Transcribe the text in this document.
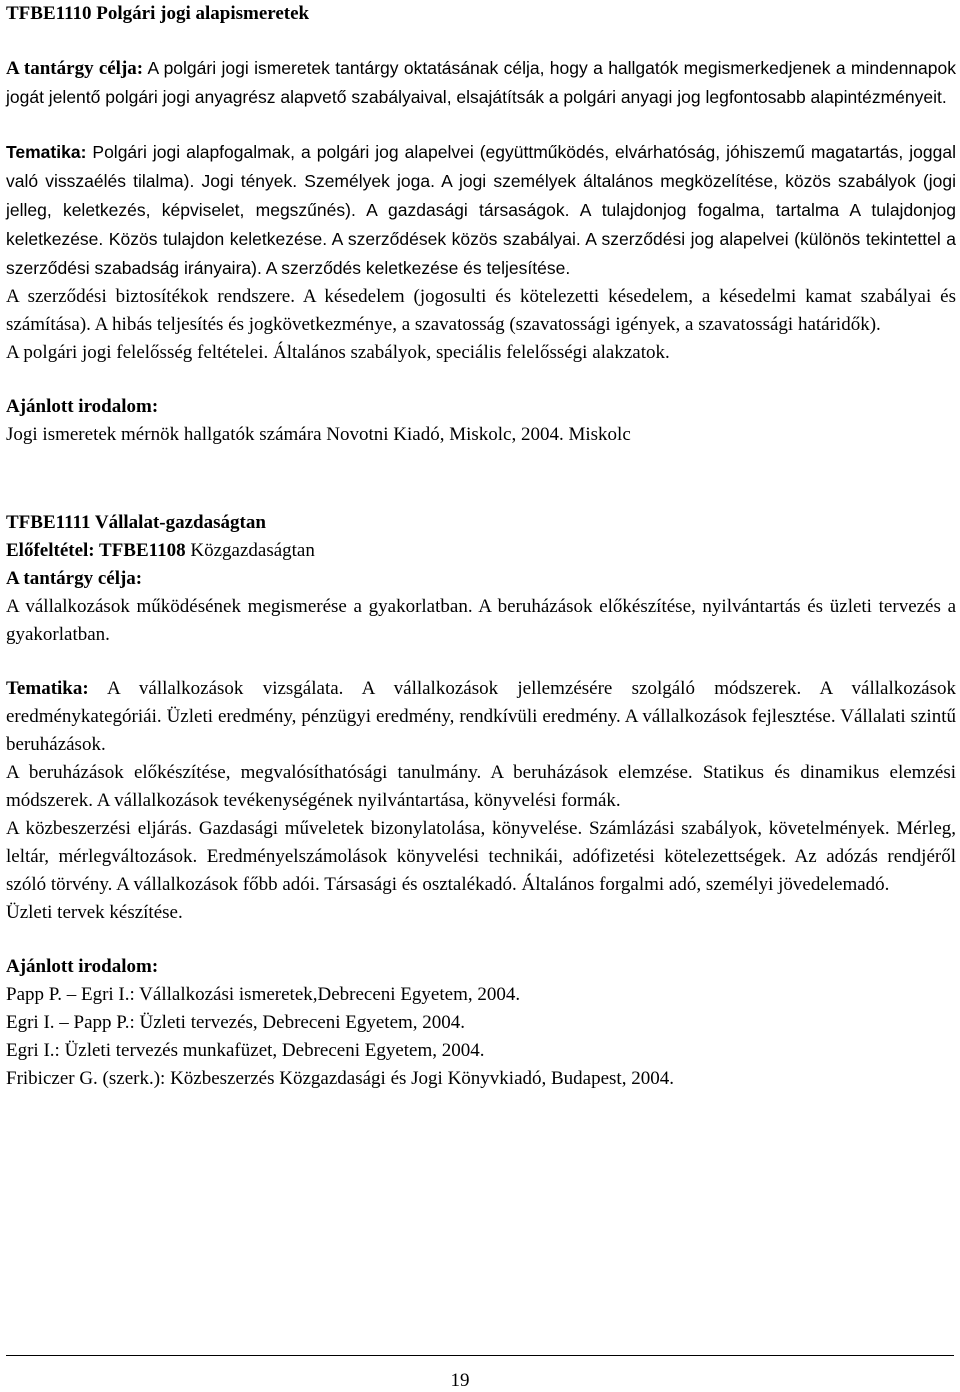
TFBE1110 Polgári jogi alapismeretek

A tantárgy célja: A polgári jogi ismeretek tantárgy oktatásának célja, hogy a hallgatók megismerkedjenek a mindennapok jogát jelentő polgári jogi anyagrész alapvető szabályaival, elsajátítsák a polgári anyagi jog legfontosabb alapintézményeit.

Tematika: Polgári jogi alapfogalmak, a polgári jog alapelvei (együttműködés, elvárhatóság, jóhiszemű magatartás, joggal való visszaélés tilalma). Jogi tények. Személyek joga. A jogi személyek általános megközelítése, közös szabályok (jogi jelleg, keletkezés, képviselet, megszűnés). A gazdasági társaságok. A tulajdonjog fogalma, tartalma A tulajdonjog keletkezése. Közös tulajdon keletkezése. A szerződések közös szabályai. A szerződési jog alapelvei (különös tekintettel a szerződési szabadság irányaira). A szerződés keletkezése és teljesítése.

A szerződési biztosítékok rendszere. A késedelem (jogosulti és kötelezetti késedelem, a késedelmi kamat szabályai és számítása). A hibás teljesítés és jogkövetkezménye, a szavatosság (szavatossági igények, a szavatossági határidők).

A polgári jogi felelősség feltételei. Általános szabályok, speciális felelősségi alakzatok.

Ajánlott irodalom:

Jogi ismeretek mérnök hallgatók számára Novotni Kiadó, Miskolc, 2004. Miskolc

TFBE1111 Vállalat-gazdaságtan

Előfeltétel: TFBE1108 Közgazdaságtan

A tantárgy célja:

A vállalkozások működésének megismerése a gyakorlatban. A beruházások előkészítése, nyilvántartás és üzleti tervezés a gyakorlatban.

Tematika: A vállalkozások vizsgálata. A vállalkozások jellemzésére szolgáló módszerek. A vállalkozások eredménykategóriái. Üzleti eredmény, pénzügyi eredmény, rendkívüli eredmény. A vállalkozások fejlesztése. Vállalati szintű beruházások.

A beruházások előkészítése, megvalósíthatósági tanulmány. A beruházások elemzése. Statikus és dinamikus elemzési módszerek. A vállalkozások tevékenységének nyilvántartása, könyvelési formák.

A közbeszerzési eljárás. Gazdasági műveletek bizonylatolása, könyvelése. Számlázási szabályok, követelmények. Mérleg, leltár, mérlegváltozások. Eredményelszámolások könyvelési technikái, adófizetési kötelezettségek. Az adózás rendjéről szóló törvény. A vállalkozások főbb adói. Társasági és osztalékadó. Általános forgalmi adó, személyi jövedelemadó.

Üzleti tervek készítése.

Ajánlott irodalom:

Papp P. – Egri I.: Vállalkozási ismeretek,Debreceni Egyetem, 2004.

Egri I. – Papp P.: Üzleti tervezés, Debreceni Egyetem, 2004.

Egri I.: Üzleti tervezés munkafüzet, Debreceni Egyetem, 2004.

Fribiczer G. (szerk.): Közbeszerzés Közgazdasági és Jogi Könyvkiadó, Budapest, 2004.

19
